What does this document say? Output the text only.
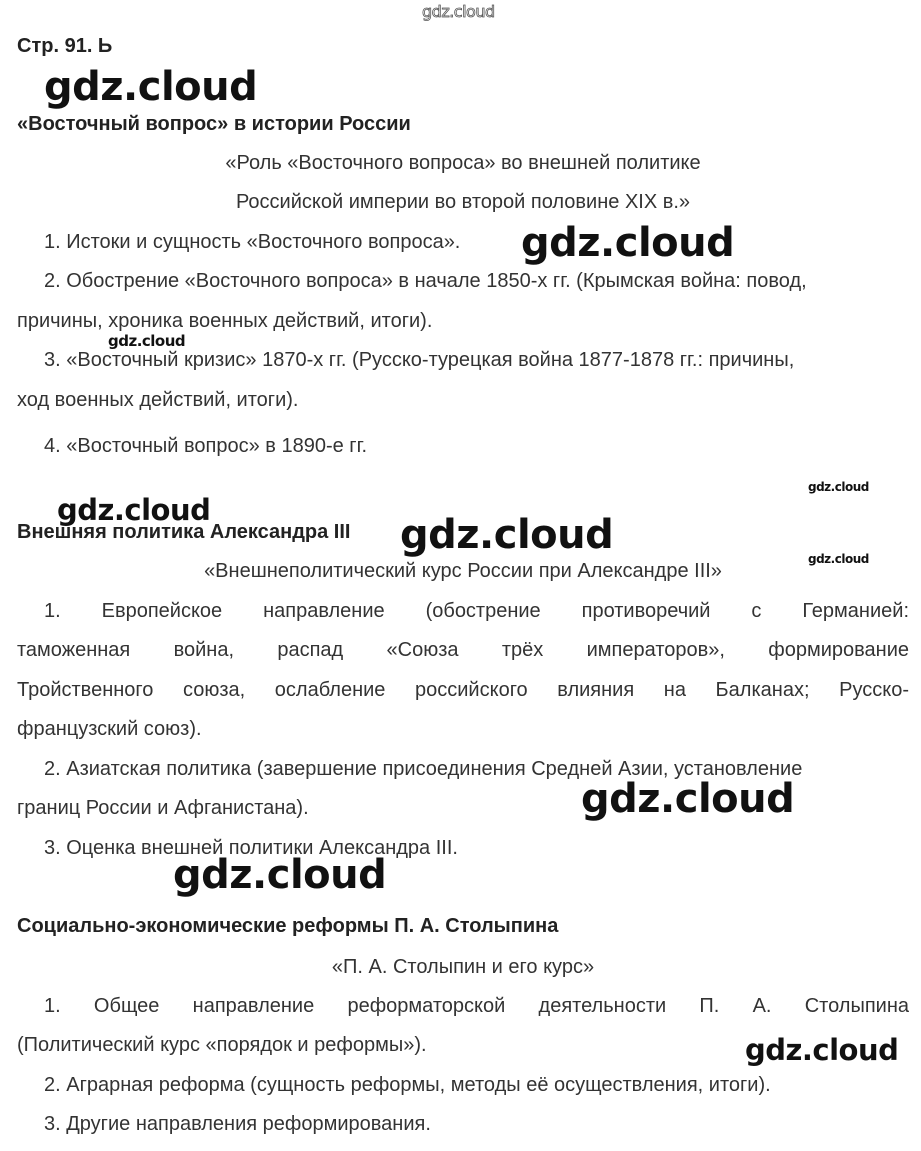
gdz.cloud
Стр. 91. Ь
gdz.cloud
«Восточный вопрос» в истории России
«Роль «Восточного вопроса» во внешней политике
Российской империи во второй половине XIX в.»
1. Истоки и сущность «Восточного вопроса».	gdz.cloud
2. Обострение «Восточного вопроса» в начале 1850-х гг. (Крымская война: повод,
причины, хроника военных действий, итоги).
gdz.cloud
3. «Восточный кризис» 1870-х гг. (Русско-турецкая война 1877-1878 гг.: причины,
ход военных действий, итоги).
4. «Восточный вопрос» в 1890-е гг.
gdz.cloud
gdz.cloud
Внешняя политика Александра III gdz.cloud
gdz.cloud
«Внешнеполитический курс России при Александре III»
1. Европейское направление (обострение противоречий с Германией:
таможенная война, распад «Союза трёх императоров», формирование
Тройственного союза, ослабление российского влияния на Балканах; Русско-
французский союз).
2. Азиатская политика (завершение присоединения Средней Азии, установление
границ России и Афганистана).	gdz.cloud
3. Оценка внешней политики Александра III.
gdz.cloud
Социально-экономические реформы П. А. Столыпина
«П. А. Столыпин и его курс»
1. Общее направление реформаторской деятельности П. А. Столыпина
(Политический курс «порядок и реформы»).	gdz.cloud
2. Аграрная реформа (сущность реформы, методы её осуществления, итоги).
3. Другие направления реформирования.
